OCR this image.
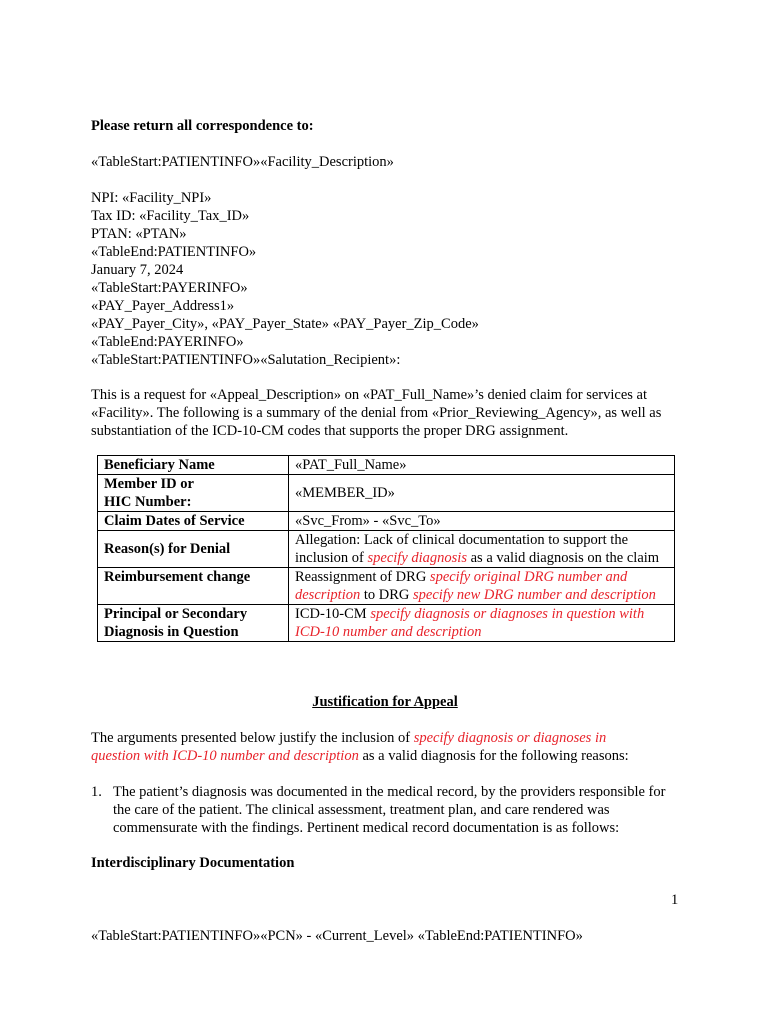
Please return all correspondence to:
«TableStart:PATIENTINFO»«Facility_Description»
NPI: «Facility_NPI»
Tax ID: «Facility_Tax_ID»
PTAN: «PTAN»
«TableEnd:PATIENTINFO»
January 7, 2024
«TableStart:PAYERINFO»
«PAY_Payer_Address1»
«PAY_Payer_City», «PAY_Payer_State» «PAY_Payer_Zip_Code»
«TableEnd:PAYERINFO»
«TableStart:PATIENTINFO»«Salutation_Recipient»:
This is a request for «Appeal_Description» on «PAT_Full_Name»’s denied claim for services at «Facility». The following is a summary of the denial from «Prior_Reviewing_Agency», as well as substantiation of the ICD-10-CM codes that supports the proper DRG assignment.
Beneficiary Name	«PAT_Full_Name»

Member ID or
HIC Number:	«MEMBER_ID»
Claim Dates of Service	«Svc_From» - «Svc_To»
Reason(s) for Denial	Allegation: Lack of clinical documentation to support the inclusion of specify diagnosis as a valid diagnosis on the claim
Reimbursement change	Reassignment of DRG specify original DRG number and description to DRG specify new DRG number and description
Principal or Secondary Diagnosis in Question	ICD-10-CM specify diagnosis or diagnoses in question with ICD-10 number and description
Justification for Appeal
The arguments presented below justify the inclusion of specify diagnosis or diagnoses in question with ICD-10 number and description as a valid diagnosis for the following reasons:
1. The patient’s diagnosis was documented in the medical record, by the providers responsible for the care of the patient. The clinical assessment, treatment plan, and care rendered was commensurate with the findings. Pertinent medical record documentation is as follows:
Interdisciplinary Documentation
1
«TableStart:PATIENTINFO»«PCN» - «Current_Level» «TableEnd:PATIENTINFO»
